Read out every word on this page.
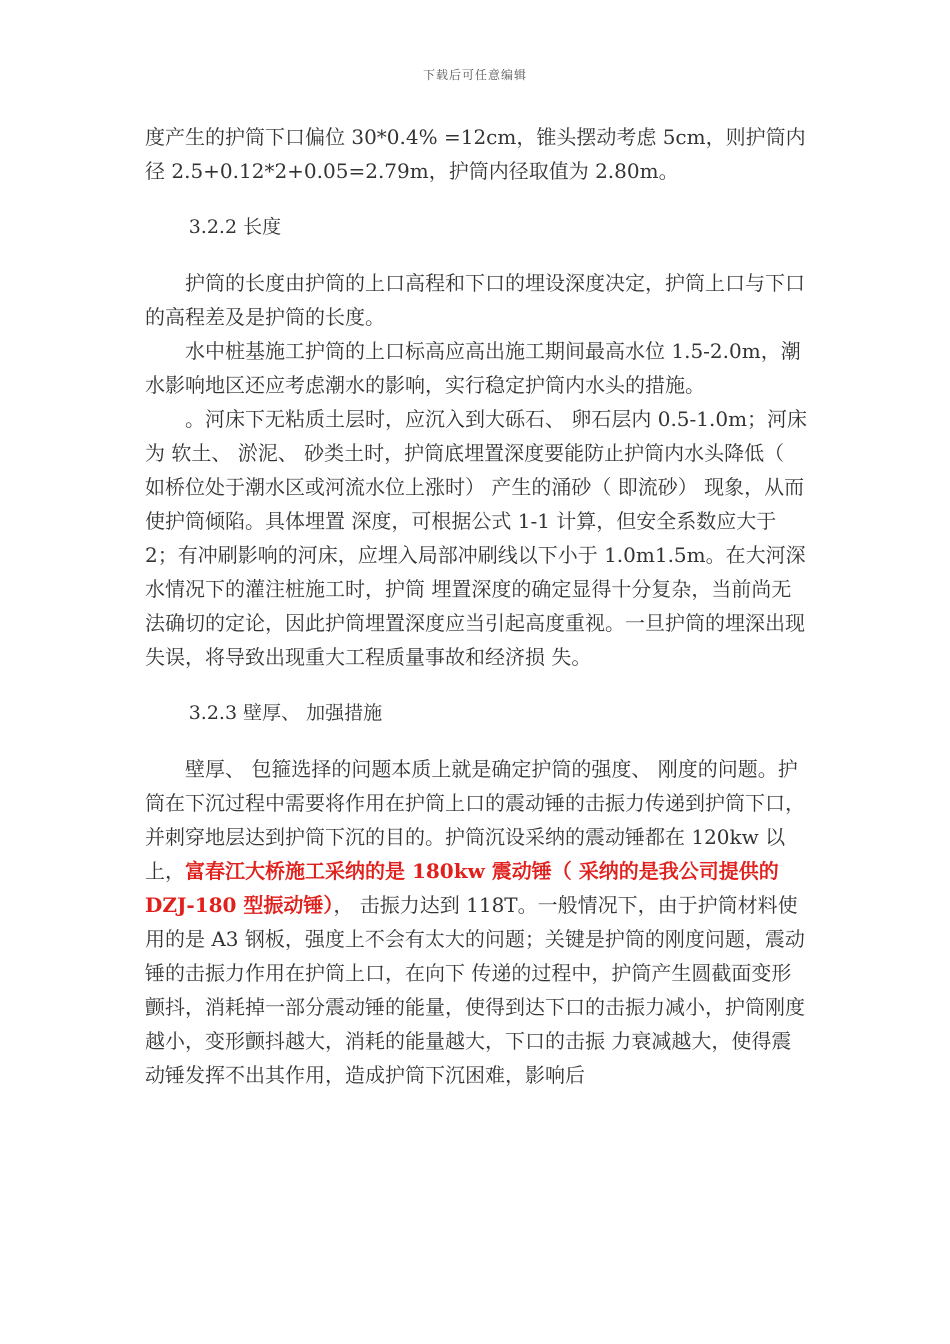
下载后可任意编辑

度产生的护筒下口偏位 30*0.4% =12cm，锥头摆动考虑 5cm，则护筒内径 2.5+0.12*2+0.05=2.79m，护筒内径取值为 2.80m。

3.2.2 长度

护筒的长度由护筒的上口高程和下口的埋设深度决定，护筒上口与下口的高程差及是护筒的长度。

水中桩基施工护筒的上口标高应高出施工期间最高水位 1.5-2.0m，潮水影响地区还应考虑潮水的影响，实行稳定护筒内水头的措施。

。河床下无粘质土层时，应沉入到大砾石、 卵石层内 0.5-1.0m；河床为 软土、 淤泥、 砂类土时，护筒底埋置深度要能防止护筒内水头降低（ 如桥位处于潮水区或河流水位上涨时） 产生的涌砂（ 即流砂） 现象，从而使护筒倾陷。具体埋置 深度，可根据公式 1-1 计算，但安全系数应大于 2；有冲刷影响的河床，应埋入局部冲刷线以下小于 1.0m1.5m。在大河深水情况下的灌注桩施工时，护筒 埋置深度的确定显得十分复杂，当前尚无法确切的定论，因此护筒埋置深度应当引起高度重视。一旦护筒的埋深出现失误，将导致出现重大工程质量事故和经济损 失。

3.2.3 壁厚、 加强措施

壁厚、 包箍选择的问题本质上就是确定护筒的强度、 刚度的问题。护筒在下沉过程中需要将作用在护筒上口的震动锤的击振力传递到护筒下口，并刺穿地层达到护筒下沉的目的。护筒沉设采纳的震动锤都在 120kw 以上，富春江大桥施工采纳的是 180kw 震动锤（ 采纳的是我公司提供的 DZJ-180 型振动锤）， 击振力达到 118T。一般情况下，由于护筒材料使用的是 A3 钢板，强度上不会有太大的问题；关键是护筒的刚度问题，震动锤的击振力作用在护筒上口，在向下 传递的过程中，护筒产生圆截面变形颤抖，消耗掉一部分震动锤的能量，使得到达下口的击振力减小，护筒刚度越小，变形颤抖越大，消耗的能量越大，下口的击振 力衰减越大，使得震动锤发挥不出其作用，造成护筒下沉困难，影响后
